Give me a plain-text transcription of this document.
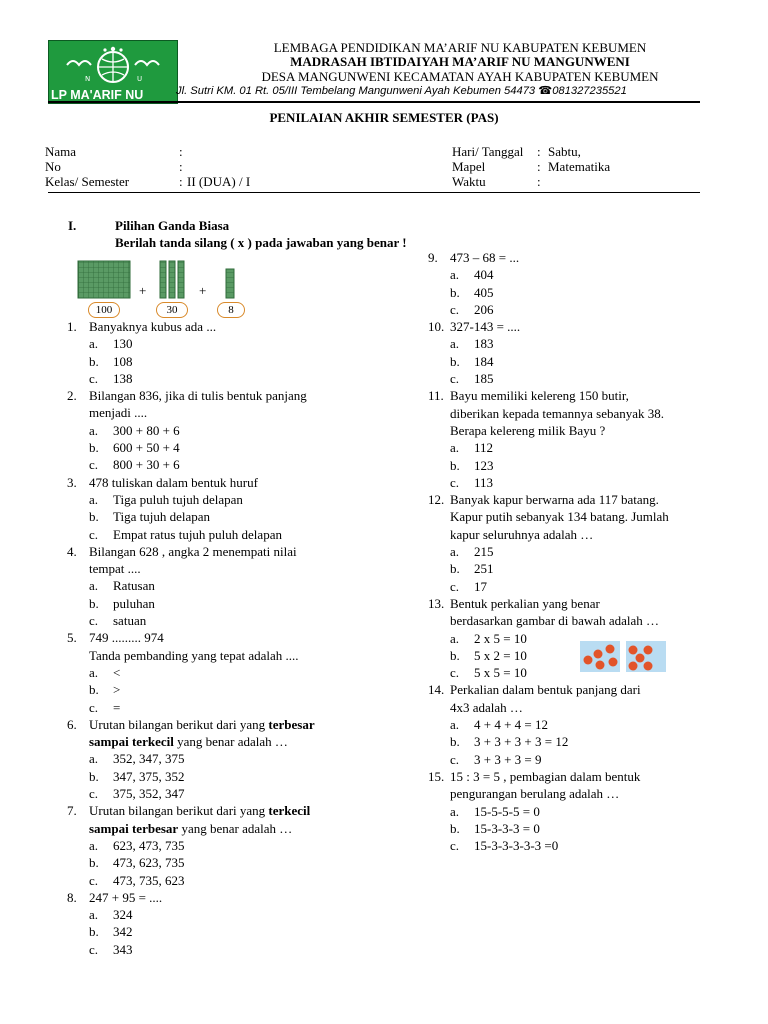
N	U
LP MA'ARIF NU
LEMBAGA PENDIDIKAN MA’ARIF NU KABUPATEN KEBUMEN
MADRASAH IBTIDAIYAH MA’ARIF NU MANGUNWENI
DESA MANGUNWENI KECAMATAN AYAH KABUPATEN KEBUMEN
Jl. Sutri KM. 01 Rt. 05/III Tembelang Mangunweni Ayah Kebumen 54473 ☎081327235521
PENILAIAN AKHIR SEMESTER (PAS)
Nama	:
No	:
Kelas/ Semester	: II (DUA) / I
Hari/ Tanggal : Sabtu,
Mapel	: Matematika
Waktu	:
I.	Pilihan Ganda Biasa
Berilah tanda silang ( x ) pada jawaban yang benar !
+	+
100	30	8
1. Banyaknya kubus ada ...
a. 130
b. 108
c. 138
2. Bilangan 836, jika di tulis bentuk panjang
menjadi ....
a. 300 + 80 + 6
b. 600 + 50 + 4
c. 800 + 30 + 6
3. 478 tuliskan dalam bentuk huruf
a. Tiga puluh tujuh delapan
b. Tiga tujuh delapan
c. Empat ratus tujuh puluh delapan
4. Bilangan 628 , angka 2 menempati nilai
tempat ....
a. Ratusan
b. puluhan
c. satuan
5. 749 ......... 974
Tanda pembanding yang tepat adalah ....
a. <
b. >
c. =
6. Urutan bilangan berikut dari yang terbesar
sampai terkecil yang benar adalah …
a. 352, 347, 375
b. 347, 375, 352
c. 375, 352, 347
7. Urutan bilangan berikut dari yang terkecil
sampai terbesar yang benar adalah …
a. 623, 473, 735
b. 473, 623, 735
c. 473, 735, 623
8. 247 + 95 = ....
a. 324
b. 342
c. 343
9. 473 – 68 = ...
a. 404
b. 405
c. 206
10. 327-143 = ....
a. 183
b. 184
c. 185
11. Bayu memiliki kelereng 150 butir,
diberikan kepada temannya sebanyak 38.
Berapa kelereng milik Bayu ?
a. 112
b. 123
c. 113
12. Banyak kapur berwarna ada 117 batang.
Kapur putih sebanyak 134 batang. Jumlah
kapur seluruhnya adalah …
a. 215
b. 251
c. 17
13. Bentuk perkalian yang benar
berdasarkan gambar di bawah adalah …
a. 2 x 5 = 10
b. 5 x 2 = 10
c. 5 x 5 = 10
14. Perkalian dalam bentuk panjang dari
4x3 adalah …
a. 4 + 4 + 4 = 12
b. 3 + 3 + 3 + 3 = 12
c. 3 + 3 + 3 = 9
15. 15 : 3 = 5 , pembagian dalam bentuk
pengurangan berulang adalah …
a. 15-5-5-5 = 0
b. 15-3-3-3 = 0
c. 15-3-3-3-3-3 =0
